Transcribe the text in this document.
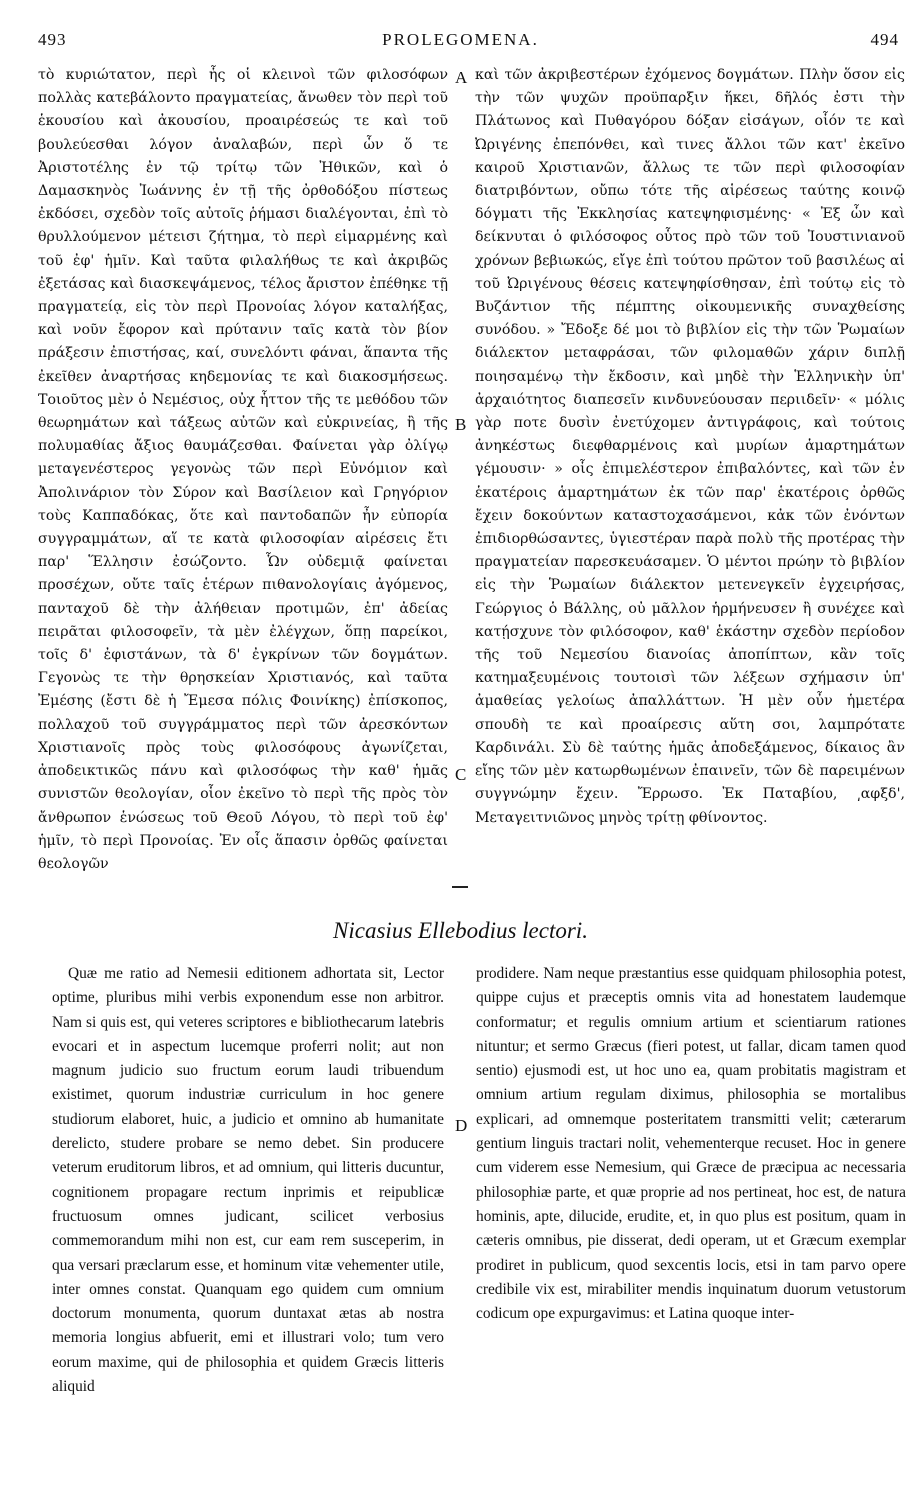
493	PROLEGOMENA.	494
τὸ κυριώτατον, περὶ ἧς οἱ κλεινοὶ τῶν φιλοσόφων πολλὰς κατεβάλοντο πραγματείας, ἄνωθεν τὸν περὶ τοῦ ἑκουσίου καὶ ἀκουσίου, προαιρέσεώς τε καὶ τοῦ βουλεύεσθαι λόγον ἀναλαβών, περὶ ὧν ὅ τε Ἀριστοτέλης ἐν τῷ τρίτῳ τῶν Ἠθικῶν, καὶ ὁ Δαμασκηνὸς Ἰωάννης ἐν τῇ τῆς ὀρθοδόξου πίστεως ἐκδόσει, σχεδὸν τοῖς αὐτοῖς ῥήμασι διαλέγονται, ἐπὶ τὸ θρυλλούμενον μέτεισι ζήτημα, τὸ περὶ εἱμαρμένης καὶ τοῦ ἐφ' ἡμῖν. Καὶ ταῦτα φιλαλήθως τε καὶ ἀκριβῶς ἐξετάσας καὶ διασκεψάμενος, τέλος ἄριστον ἐπέθηκε τῇ πραγματείᾳ, εἰς τὸν περὶ Προνοίας λόγον καταλήξας, καὶ νοῦν ἔφορον καὶ πρύτανιν ταῖς κατὰ τὸν βίον πράξεσιν ἐπιστήσας, καί, συνελόντι φάναι, ἅπαντα τῆς ἐκεῖθεν ἀναρτήσας κηδεμονίας τε καὶ διακοσμήσεως. Τοιοῦτος μὲν ὁ Νεμέσιος, οὐχ ἧττον τῆς τε μεθόδου τῶν θεωρημάτων καὶ τάξεως αὐτῶν καὶ εὐκρινείας, ἢ τῆς πολυμαθίας ἄξιος θαυμάζεσθαι. Φαίνεται γὰρ ὀλίγῳ μεταγενέστερος γεγονὼς τῶν περὶ Εὐνόμιον καὶ Ἀπολινάριον τὸν Σύρον καὶ Βασίλειον καὶ Γρηγόριον τοὺς Καππαδόκας, ὅτε καὶ παντοδαπῶν ἦν εὐπορία συγγραμμάτων, αἵ τε κατὰ φιλοσοφίαν αἱρέσεις ἔτι παρ' Ἕλλησιν ἐσώζοντο. Ὧν οὐδεμιᾷ φαίνεται προσέχων, οὔτε ταῖς ἑτέρων πιθανολογίαις ἀγόμενος, πανταχοῦ δὲ τὴν ἀλήθειαν προτιμῶν, ἐπ' ἀδείας πειρᾶται φιλοσοφεῖν, τὰ μὲν ἐλέγχων, ὅπῃ παρείκοι, τοῖς δ' ἐφιστάνων, τὰ δ' ἐγκρίνων τῶν δογμάτων. Γεγονὼς τε τὴν θρησκείαν Χριστιανός, καὶ ταῦτα Ἐμέσης (ἔστι δὲ ἡ Ἔμεσα πόλις Φοινίκης) ἐπίσκοπος, πολλαχοῦ τοῦ συγγράμματος περὶ τῶν ἀρεσκόντων Χριστιανοῖς πρὸς τοὺς φιλοσόφους ἀγωνίζεται, ἀποδεικτικῶς πάνυ καὶ φιλοσόφως τὴν καθ' ἡμᾶς συνιστῶν θεολογίαν, οἷον ἐκεῖνο τὸ περὶ τῆς πρὸς τὸν ἄνθρωπον ἑνώσεως τοῦ Θεοῦ Λόγου, τὸ περὶ τοῦ ἐφ' ἡμῖν, τὸ περὶ Προνοίας. Ἐν οἷς ἅπασιν ὀρθῶς φαίνεται θεολογῶν
καὶ τῶν ἀκριβεστέρων ἐχόμενος δογμάτων. Πλὴν ὅσον εἰς τὴν τῶν ψυχῶν προϋπαρξιν ἥκει, δῆλός ἐστι τὴν Πλάτωνος καὶ Πυθαγόρου δόξαν εἰσάγων, οἷόν τε καὶ Ὠριγένης ἐπεπόνθει, καὶ τινες ἄλλοι τῶν κατ' ἐκεῖνο καιροῦ Χριστιανῶν, ἄλλως τε τῶν περὶ φιλοσοφίαν διατριβόντων, οὔπω τότε τῆς αἱρέσεως ταύτης κοινῷ δόγματι τῆς Ἐκκλησίας κατεψηφισμένης· « Ἐξ ὧν καὶ δείκνυται ὁ φιλόσοφος οὗτος πρὸ τῶν τοῦ Ἰουστινιανοῦ χρόνων βεβιωκώς, εἴγε ἐπὶ τούτου πρῶτον τοῦ βασιλέως αἱ τοῦ Ὠριγένους θέσεις κατεψηφίσθησαν, ἐπὶ τούτῳ εἰς τὸ Βυζάντιον τῆς πέμπτης οἰκουμενικῆς συναχθείσης συνόδου. » Ἔδοξε δέ μοι τὸ βιβλίον εἰς τὴν τῶν Ῥωμαίων διάλεκτον μεταφράσαι, τῶν φιλομαθῶν χάριν διπλῇ ποιησαμένῳ τὴν ἔκδοσιν, καὶ μηδὲ τὴν Ἑλληνικὴν ὑπ' ἀρχαιότητος διαπεσεῖν κινδυνεύουσαν περιιδεῖν· « μόλις γὰρ ποτε δυσὶν ἐνετύχομεν ἀντιγράφοις, καὶ τούτοις ἀνηκέστως διεφθαρμένοις καὶ μυρίων ἁμαρτημάτων γέμουσιν· » οἷς ἐπιμελέστερον ἐπιβαλόντες, καὶ τῶν ἐν ἑκατέροις ἁμαρτημάτων ἐκ τῶν παρ' ἑκατέροις ὀρθῶς ἔχειν δοκούντων καταστοχασάμενοι, κἀκ τῶν ἐνόντων ἐπιδιορθώσαντες, ὑγιεστέραν παρὰ πολὺ τῆς προτέρας τὴν πραγματείαν παρεσκευάσαμεν. Ὁ μέντοι πρώην τὸ βιβλίον εἰς τὴν Ῥωμαίων διάλεκτον μετενεγκεῖν ἐγχειρήσας, Γεώργιος ὁ Βάλλης, οὐ μᾶλλον ἡρμήνευσεν ἢ συνέχεε καὶ κατῄσχυνε τὸν φιλόσοφον, καθ' ἑκάστην σχεδὸν περίοδον τῆς τοῦ Νεμεσίου διανοίας ἀποπίπτων, κἂν τοῖς κατημαξευμένοις τουτοισὶ τῶν λέξεων σχήμασιν ὑπ' ἀμαθείας γελοίως ἀπαλλάττων. Ἡ μὲν οὖν ἡμετέρα σπουδὴ τε καὶ προαίρεσις αὕτη σοι, λαμπρότατε Καρδινάλι. Σὺ δὲ ταύτης ἡμᾶς ἀποδεξάμενος, δίκαιος ἂν εἴης τῶν μὲν κατωρθωμένων ἐπαινεῖν, τῶν δὲ παρειμένων συγγνώμην ἔχειν. Ἔρρωσο. Ἐκ Παταβίου, ͵αφξδ', Μεταγειτνιῶνος μηνὸς τρίτῃ φθίνοντος.
A
B
C
Nicasius Ellebodius lectori.
Quæ me ratio ad Nemesii editionem adhortata sit, Lector optime, pluribus mihi verbis exponendum esse non arbitror. Nam si quis est, qui veteres scriptores e bibliothecarum latebris evocari et in aspectum lucemque proferri nolit; aut non magnum judicio suo fructum eorum laudi tribuendum existimet, quorum industriæ curriculum in hoc genere studiorum elaboret, huic, a judicio et omnino ab humanitate derelicto, studere probare se nemo debet. Sin producere veterum eruditorum libros, et ad omnium, qui litteris ducuntur, cognitionem propagare rectum inprimis et reipublicæ fructuosum omnes judicant, scilicet verbosius commemorandum mihi non est, cur eam rem susceperim, in qua versari præclarum esse, et hominum vitæ vehementer utile, inter omnes constat. Quanquam ego quidem cum omnium doctorum monumenta, quorum duntaxat ætas ab nostra memoria longius abfuerit, emi et illustrari volo; tum vero eorum maxime, qui de philosophia et quidem Græcis litteris aliquid
prodidere. Nam neque præstantius esse quidquam philosophia potest, quippe cujus et præceptis omnis vita ad honestatem laudemque conformatur; et regulis omnium artium et scientiarum rationes nituntur; et sermo Græcus (fieri potest, ut fallar, dicam tamen quod sentio) ejusmodi est, ut hoc uno ea, quam probitatis magistram et omnium artium regulam diximus, philosophia se mortalibus explicari, ad omnemque posteritatem transmitti velit; cæterarum gentium linguis tractari nolit, vehementerque recuset. Hoc in genere cum viderem esse Nemesium, qui Græce de præcipua ac necessaria philosophiæ parte, et quæ proprie ad nos pertineat, hoc est, de natura hominis, apte, dilucide, erudite, et, in quo plus est positum, quam in cæteris omnibus, pie disserat, dedi operam, ut et Græcum exemplar prodiret in publicum, quod sexcentis locis, etsi in tam parvo opere credibile vix est, mirabiliter mendis inquinatum duorum vetustorum codicum ope expurgavimus: et Latina quoque inter-
D
